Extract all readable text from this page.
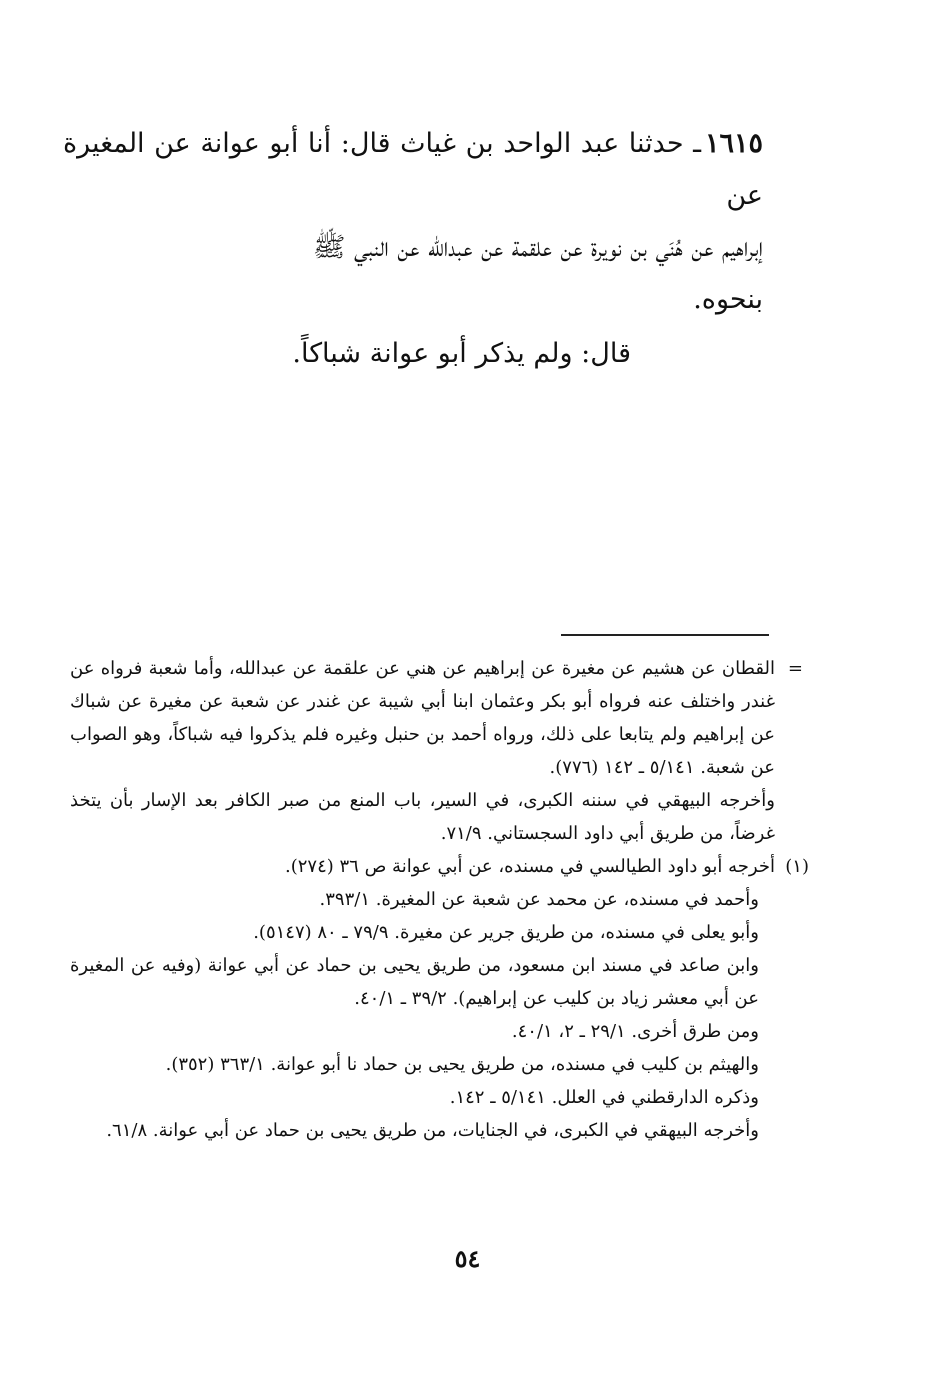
١٦١٥ـ حدثنا عبد الواحد بن غياث قال: أنا أبو عوانة عن المغيرة عن

إبراهيم عن هُنَي بن نويرة عن علقمة عن عبدالله عن النبي ﷺ

بنحوه.

قال: ولم يذكر أبو عوانة شباكاً.

=

القطان عن هشيم عن مغيرة عن إبراهيم عن هني عن علقمة عن عبدالله، وأما شعبة فرواه عن غندر واختلف عنه فرواه أبو بكر وعثمان ابنا أبي شيبة عن غندر عن شعبة عن مغيرة عن شباك عن إبراهيم ولم يتابعا على ذلك، ورواه أحمد بن حنبل وغيره فلم يذكروا فيه شباكاً، وهو الصواب عن شعبة. ٥/١٤١ ـ ١٤٢ (٧٧٦).

وأخرجه البيهقي في سننه الكبرى، في السير، باب المنع من صبر الكافر بعد الإسار بأن يتخذ غرضاً، من طريق أبي داود السجستاني. ٧١/٩.

(١)

أخرجه أبو داود الطيالسي في مسنده، عن أبي عوانة ص ٣٦ (٢٧٤).

وأحمد في مسنده، عن محمد عن شعبة عن المغيرة. ٣٩٣/١.

وأبو يعلى في مسنده، من طريق جرير عن مغيرة. ٧٩/٩ ـ ٨٠ (٥١٤٧).

وابن صاعد في مسند ابن مسعود، من طريق يحيى بن حماد عن أبي عوانة (وفيه عن المغيرة عن أبي معشر زياد بن كليب عن إبراهيم). ٣٩/٢ ـ ٤٠/١.

ومن طرق أخرى. ٢٩/١ ـ ٢، ٤٠/١.

والهيثم بن كليب في مسنده، من طريق يحيى بن حماد نا أبو عوانة. ٣٦٣/١ (٣٥٢).

وذكره الدارقطني في العلل. ٥/١٤١ ـ ١٤٢.

وأخرجه البيهقي في الكبرى، في الجنايات، من طريق يحيى بن حماد عن أبي عوانة. ٦١/٨.

٥٤
